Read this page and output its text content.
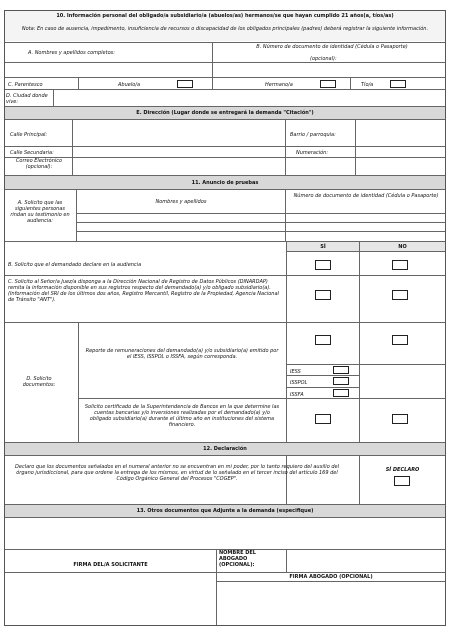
10. Información personal del obligado/a subsidiario/a (abuelos/as) hermanos/se que hayan cumplido 21 años(a, tíos/as)
Nota: En caso de ausencia, impedimento, insuficiencia de recursos o discapacidad de los obligados principales (padres) deberá registrar la siguiente información.
A. Nombres y apellidos completos:
B. Número de documento de identidad (Cédula o Pasaporte)
(opcional):
C. Parentesco	Abuelo/a	Hermano/a	Tío/a
D. Ciudad donde vive:
E. Dirección (Lugar donde se entregará la demanda "Citación")
Calle Principal:	Barrio / parroquia:
Calle Secundaria:	Numeración:
Correo Electrónico (opcional):
11. Anuncio de pruebas
A. Solicito que las siguientes personas rindan su testimonio en audiencia:
Nombres y apellidos
Número de documento de identidad (Cédula o Pasaporte)
SÍ	NO
B. Solicito que el demandado declare en la audiencia
C. Solicito al Señor/a Juez/a disponga a la Dirección Nacional de Registro de Datos Públicos (DINARDAP) remita la información disponible en sus registros respecto del demandado(a) y/o obligado subsidiario(a). (Información del SRI de los últimos dos años, Registro Mercantil, Registro de la Propiedad, Agencia Nacional de Tránsito "ANT").
D. Solicito documentos:
Reporte de remuneraciones del demandado(a) y/o subsidiario(a) emitido por el IESS, ISSPOL o ISSFA, según corresponda.
IESS
ISSPOL
ISSFA
Solicito certificado de la Superintendencia de Bancos en la que determine las cuentas bancarias y/o inversiones realizadas por el demandado(a) y/o obligado subsidiario(a) durante el último año en instituciones del sistema financiero.
12. Declaración
Declaro que los documentos señalados en el numeral anterior no se encuentran en mi poder, por lo tanto requiero del auxilio del órgano jurisdiccional, para que ordene la entrega de los mismos, en virtud de lo señalado en el tercer inciso del artículo 169 del Código Orgánico General del Procesos "COGEP".
SÍ DECLARO
13. Otros documentos que Adjunte a la demanda (especifique)
FIRMA DEL/A SOLICITANTE
NOMBRE DEL ABOGADO (OPCIONAL):
FIRMA ABOGADO (OPCIONAL)
